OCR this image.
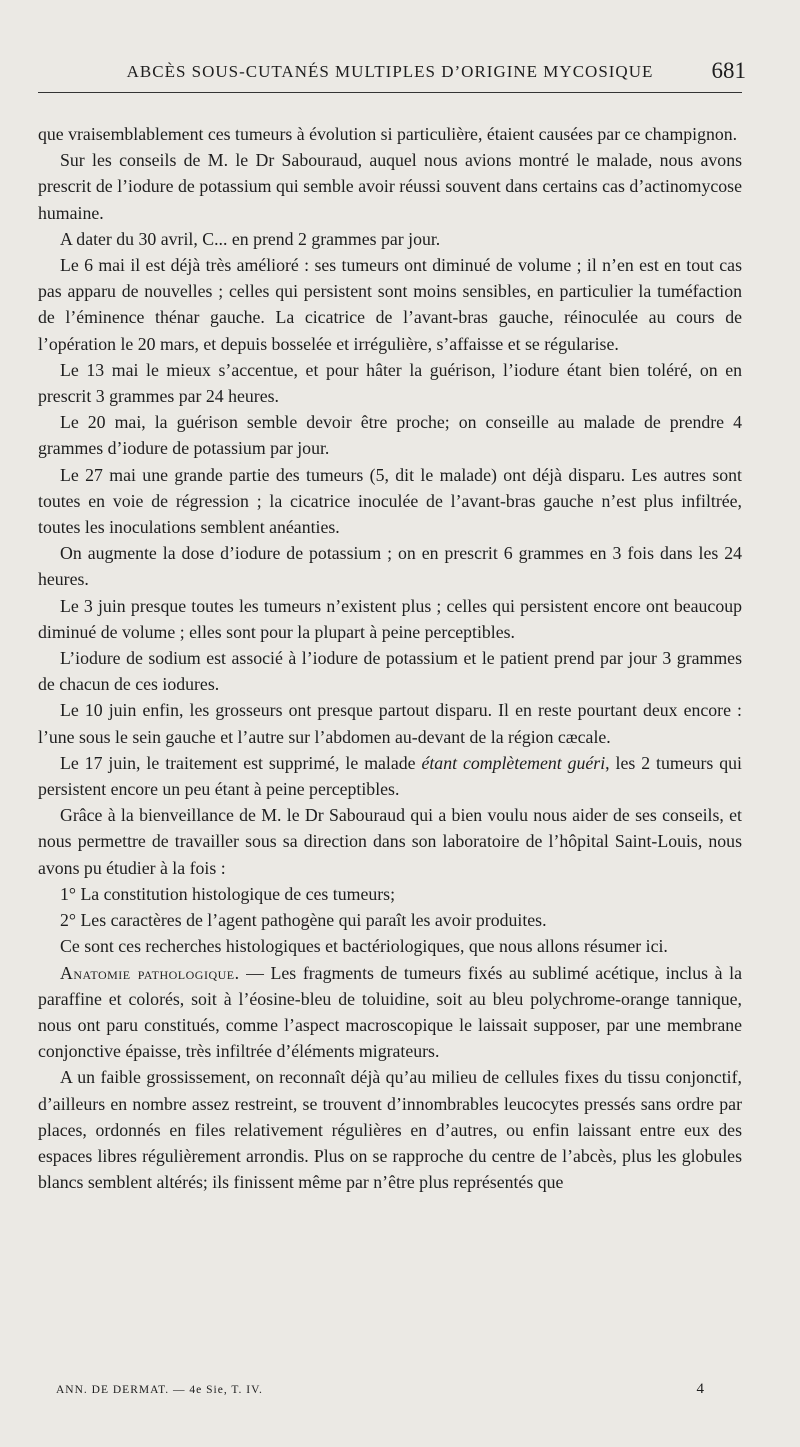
ABCÈS SOUS-CUTANÉS MULTIPLES D’ORIGINE MYCOSIQUE	681

que vraisemblablement ces tumeurs à évolution si particulière, étaient causées par ce champignon.

Sur les conseils de M. le Dr Sabouraud, auquel nous avions montré le malade, nous avons prescrit de l’iodure de potassium qui semble avoir réussi souvent dans certains cas d’actinomycose humaine.

A dater du 30 avril, C... en prend 2 grammes par jour.

Le 6 mai il est déjà très amélioré : ses tumeurs ont diminué de volume ; il n’en est en tout cas pas apparu de nouvelles ; celles qui persistent sont moins sensibles, en particulier la tuméfaction de l’éminence thénar gauche. La cicatrice de l’avant-bras gauche, réinoculée au cours de l’opération le 20 mars, et depuis bosselée et irrégulière, s’affaisse et se régularise.

Le 13 mai le mieux s’accentue, et pour hâter la guérison, l’iodure étant bien toléré, on en prescrit 3 grammes par 24 heures.

Le 20 mai, la guérison semble devoir être proche; on conseille au malade de prendre 4 grammes d’iodure de potassium par jour.

Le 27 mai une grande partie des tumeurs (5, dit le malade) ont déjà disparu. Les autres sont toutes en voie de régression ; la cicatrice inoculée de l’avant-bras gauche n’est plus infiltrée, toutes les inoculations semblent anéanties.

On augmente la dose d’iodure de potassium ; on en prescrit 6 grammes en 3 fois dans les 24 heures.

Le 3 juin presque toutes les tumeurs n’existent plus ; celles qui persistent encore ont beaucoup diminué de volume ; elles sont pour la plupart à peine perceptibles.

L’iodure de sodium est associé à l’iodure de potassium et le patient prend par jour 3 grammes de chacun de ces iodures.

Le 10 juin enfin, les grosseurs ont presque partout disparu. Il en reste pourtant deux encore : l’une sous le sein gauche et l’autre sur l’abdomen au-devant de la région cæcale.

Le 17 juin, le traitement est supprimé, le malade étant complètement guéri, les 2 tumeurs qui persistent encore un peu étant à peine perceptibles.

Grâce à la bienveillance de M. le Dr Sabouraud qui a bien voulu nous aider de ses conseils, et nous permettre de travailler sous sa direction dans son laboratoire de l’hôpital Saint-Louis, nous avons pu étudier à la fois :

1° La constitution histologique de ces tumeurs;

2° Les caractères de l’agent pathogène qui paraît les avoir produites.

Ce sont ces recherches histologiques et bactériologiques, que nous allons résumer ici.

Anatomie pathologique. — Les fragments de tumeurs fixés au sublimé acétique, inclus à la paraffine et colorés, soit à l’éosine-bleu de toluidine, soit au bleu polychrome-orange tannique, nous ont paru constitués, comme l’aspect macroscopique le laissait supposer, par une membrane conjonctive épaisse, très infiltrée d’éléments migrateurs.

A un faible grossissement, on reconnaît déjà qu’au milieu de cellules fixes du tissu conjonctif, d’ailleurs en nombre assez restreint, se trouvent d’innombrables leucocytes pressés sans ordre par places, ordonnés en files relativement régulières en d’autres, ou enfin laissant entre eux des espaces libres régulièrement arrondis. Plus on se rapproche du centre de l’abcès, plus les globules blancs semblent altérés; ils finissent même par n’être plus représentés que

ANN. DE DERMAT. — 4e Sie, T. IV.	4
